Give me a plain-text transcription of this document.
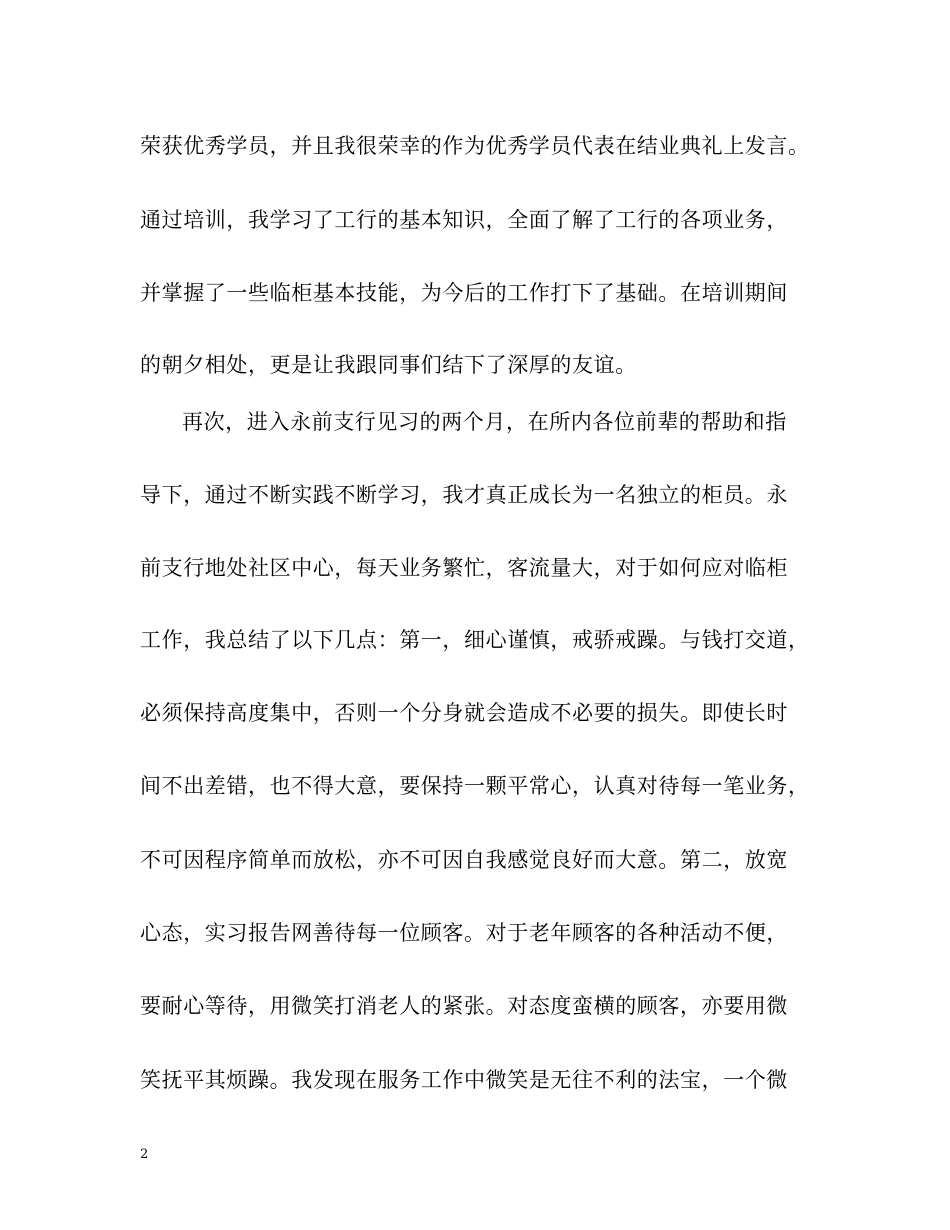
荣获优秀学员，并且我很荣幸的作为优秀学员代表在结业典礼上发言。
通过培训，我学习了工行的基本知识，全面了解了工行的各项业务，
并掌握了一些临柜基本技能，为今后的工作打下了基础。在培训期间
的朝夕相处，更是让我跟同事们结下了深厚的友谊。
再次，进入永前支行见习的两个月，在所内各位前辈的帮助和指
导下，通过不断实践不断学习，我才真正成长为一名独立的柜员。永
前支行地处社区中心，每天业务繁忙，客流量大，对于如何应对临柜
工作，我总结了以下几点：第一，细心谨慎，戒骄戒躁。与钱打交道，
必须保持高度集中，否则一个分身就会造成不必要的损失。即使长时
间不出差错，也不得大意，要保持一颗平常心，认真对待每一笔业务，
不可因程序简单而放松，亦不可因自我感觉良好而大意。第二，放宽
心态，实习报告网善待每一位顾客。对于老年顾客的各种活动不便，
要耐心等待，用微笑打消老人的紧张。对态度蛮横的顾客，亦要用微
笑抚平其烦躁。我发现在服务工作中微笑是无往不利的法宝，一个微
2
